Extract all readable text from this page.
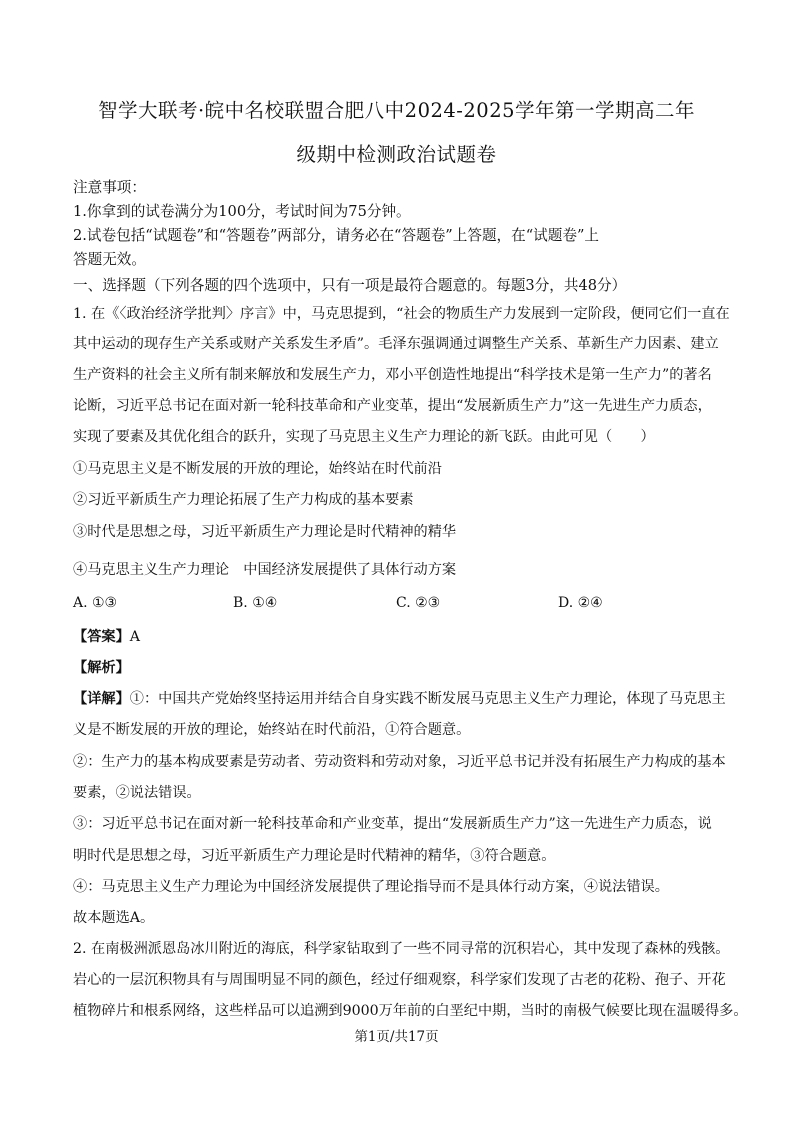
智学大联考·皖中名校联盟合肥八中2024-2025学年第一学期高二年
级期中检测政治试题卷
注意事项：
1.你拿到的试卷满分为100分，考试时间为75分钟。
2.试卷包括“试题卷”和“答题卷”两部分，请务必在“答题卷”上答题，在“试题卷”上
答题无效。
一、选择题（下列各题的四个选项中，只有一项是最符合题意的。每题3分，共48分）
1. 在《〈政治经济学批判〉序言》中，马克思提到，“社会的物质生产力发展到一定阶段，便同它们一直在
其中运动的现存生产关系或财产关系发生矛盾”。毛泽东强调通过调整生产关系、革新生产力因素、建立
生产资料的社会主义所有制来解放和发展生产力，邓小平创造性地提出“科学技术是第一生产力”的著名
论断，习近平总书记在面对新一轮科技革命和产业变革，提出“发展新质生产力”这一先进生产力质态，
实现了要素及其优化组合的跃升，实现了马克思主义生产力理论的新飞跃。由此可见（　　）
①马克思主义是不断发展的开放的理论，始终站在时代前沿
②习近平新质生产力理论拓展了生产力构成的基本要素
③时代是思想之母，习近平新质生产力理论是时代精神的精华
④马克思主义生产力理论　中国经济发展提供了具体行动方案
A. ①③	B. ①④	C. ②③	D. ②④
【答案】A
【解析】
【详解】①：中国共产党始终坚持运用并结合自身实践不断发展马克思主义生产力理论，体现了马克思主
义是不断发展的开放的理论，始终站在时代前沿，①符合题意。
②：生产力的基本构成要素是劳动者、劳动资料和劳动对象，习近平总书记并没有拓展生产力构成的基本
要素，②说法错误。
③：习近平总书记在面对新一轮科技革命和产业变革，提出“发展新质生产力”这一先进生产力质态，说
明时代是思想之母，习近平新质生产力理论是时代精神的精华，③符合题意。
④：马克思主义生产力理论为中国经济发展提供了理论指导而不是具体行动方案，④说法错误。
故本题选A。
2. 在南极洲派恩岛冰川附近的海底，科学家钻取到了一些不同寻常的沉积岩心，其中发现了森林的残骸。
岩心的一层沉积物具有与周围明显不同的颜色，经过仔细观察，科学家们发现了古老的花粉、孢子、开花
植物碎片和根系网络，这些样品可以追溯到9000万年前的白垩纪中期，当时的南极气候要比现在温暖得多。
第1页/共17页
